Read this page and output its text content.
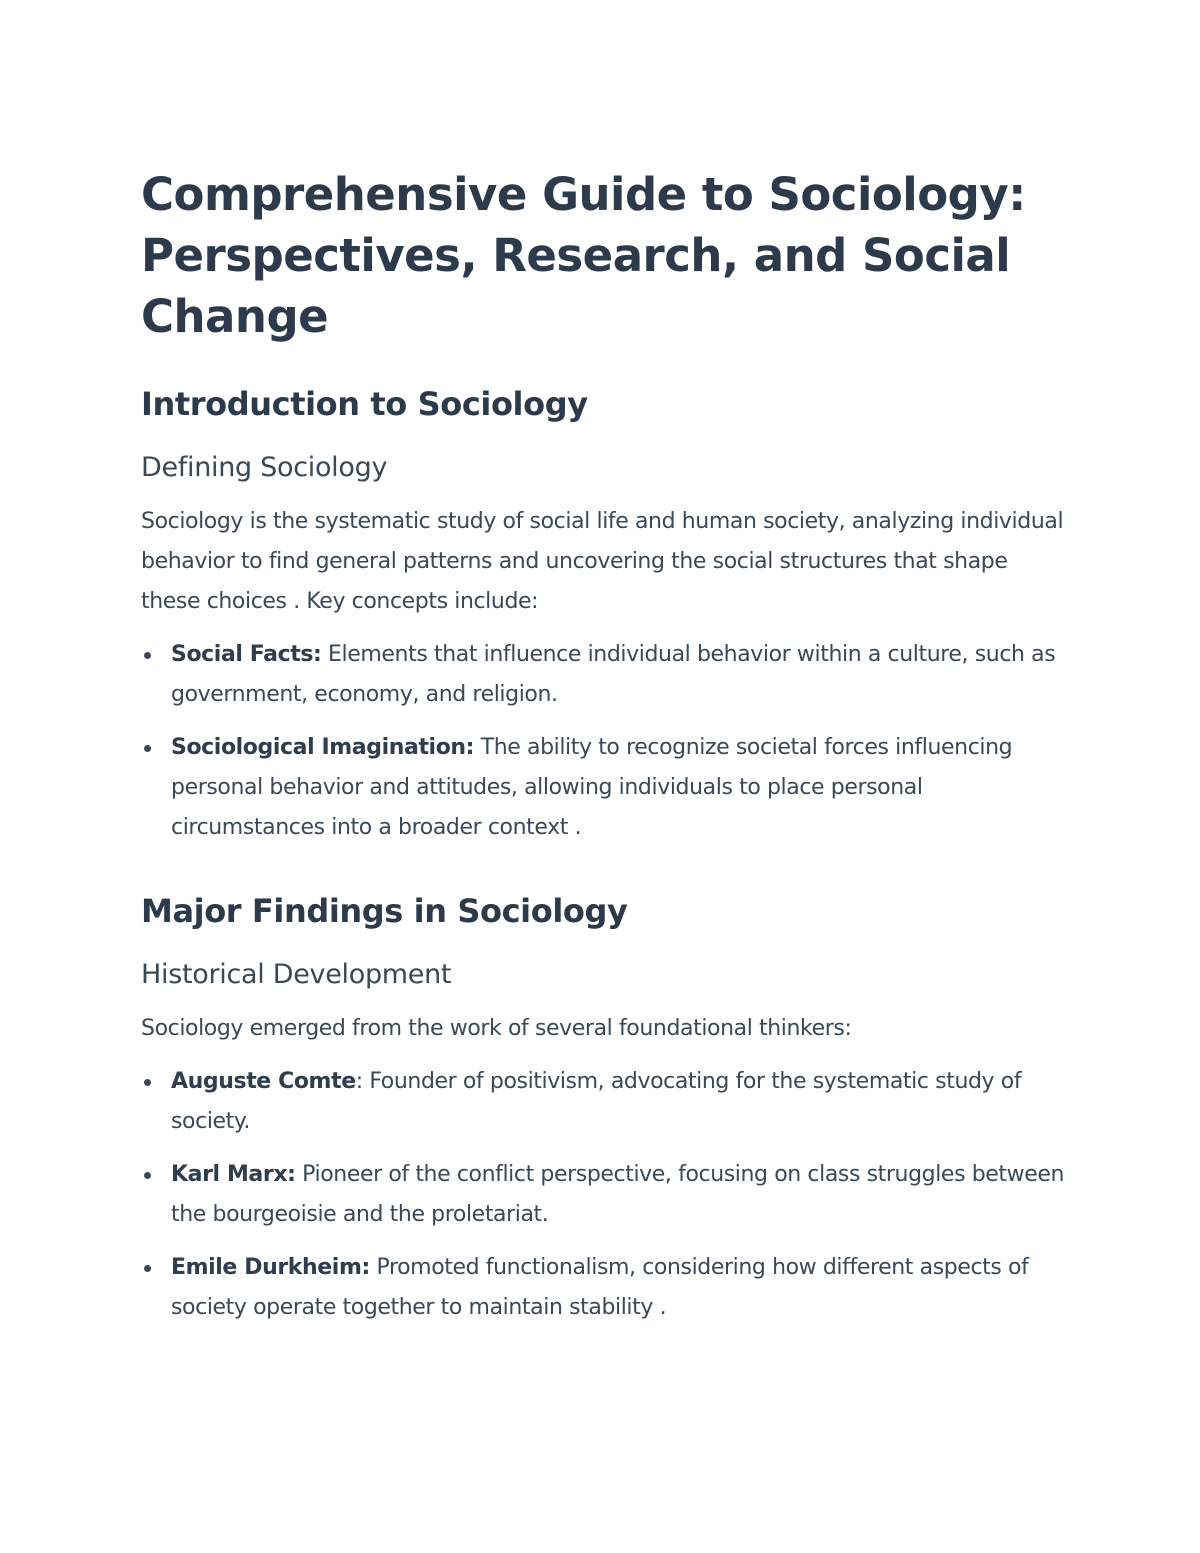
Comprehensive Guide to Sociology: Perspectives, Research, and Social Change
Introduction to Sociology
Defining Sociology

Sociology is the systematic study of social life and human society, analyzing individual behavior to find general patterns and uncovering the social structures that shape these choices . Key concepts include:

Social Facts: Elements that influence individual behavior within a culture, such as government, economy, and religion.
Sociological Imagination: The ability to recognize societal forces influencing personal behavior and attitudes, allowing individuals to place personal circumstances into a broader context .
Major Findings in Sociology
Historical Development

Sociology emerged from the work of several foundational thinkers:

Auguste Comte: Founder of positivism, advocating for the systematic study of society.
Karl Marx: Pioneer of the conflict perspective, focusing on class struggles between the bourgeoisie and the proletariat.
Emile Durkheim: Promoted functionalism, considering how different aspects of society operate together to maintain stability .
